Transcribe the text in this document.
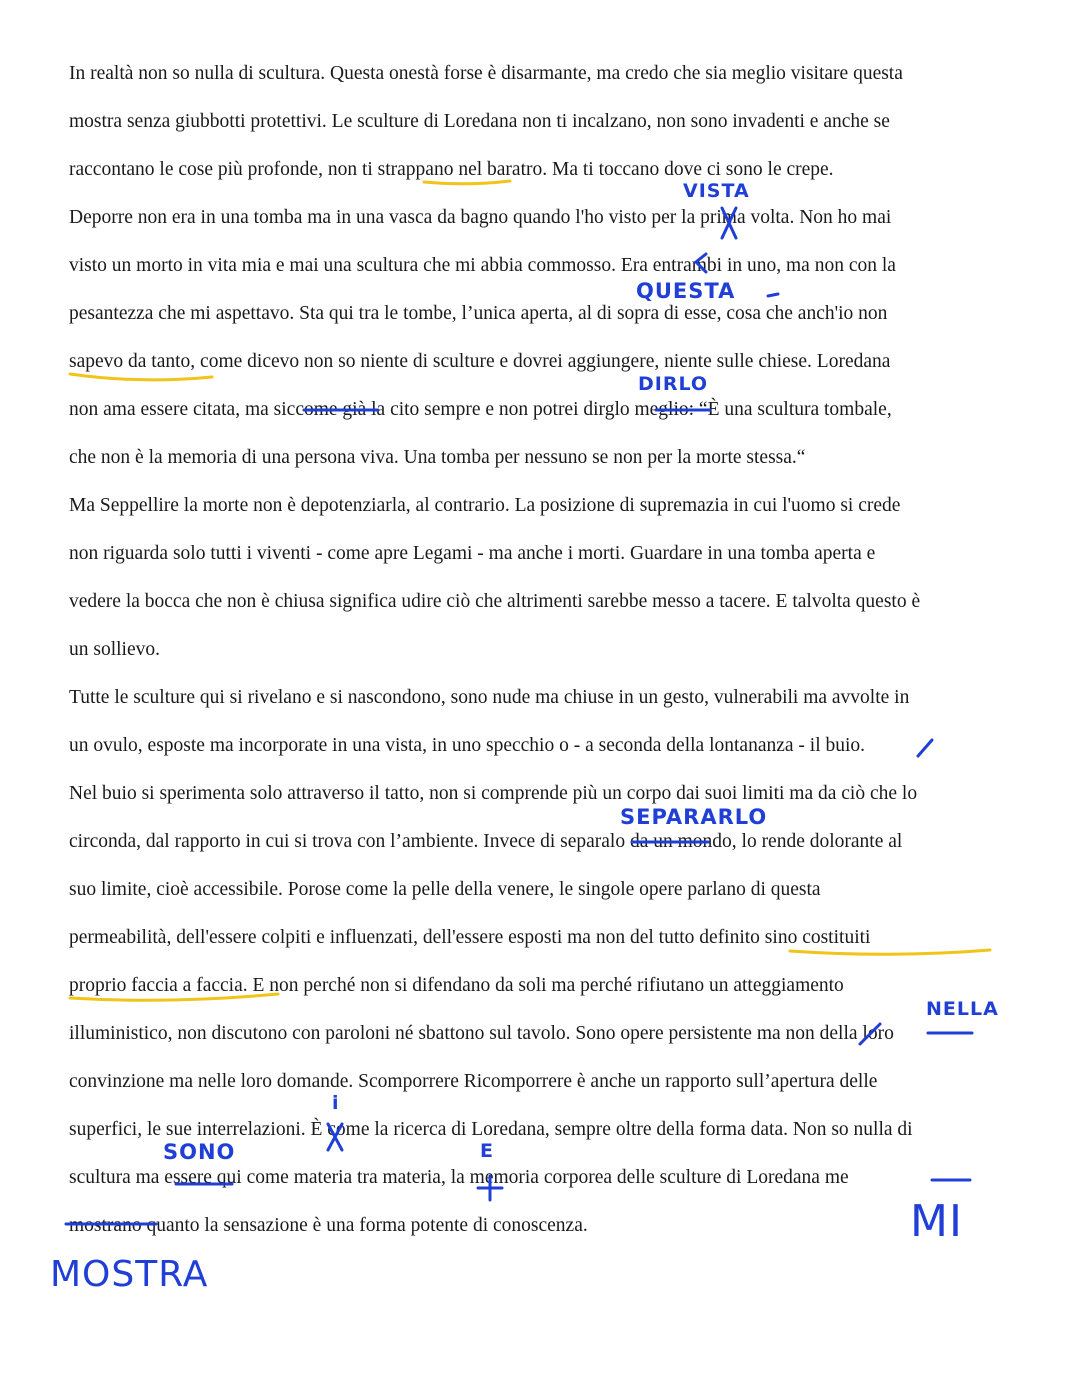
In realtà non so nulla di scultura. Questa onestà forse è disarmante, ma credo che sia meglio visitare questa
mostra senza giubbotti protettivi. Le sculture di Loredana non ti incalzano, non sono invadenti e anche se
raccontano le cose più profonde, non ti strappano nel baratro. Ma ti toccano dove ci sono le crepe.
Deporre non era in una tomba ma in una vasca da bagno quando l'ho visto per la prima volta. Non ho mai
visto un morto in vita mia e mai una scultura che mi abbia commosso. Era entrambi in uno, ma non con la
pesantezza che mi aspettavo. Sta qui tra le tombe, l’unica aperta, al di sopra di esse, cosa che anch'io non
sapevo da tanto, come dicevo non so niente di sculture e dovrei aggiungere, niente sulle chiese. Loredana
non ama essere citata, ma siccome già la cito sempre e non potrei dirglo meglio: “È una scultura tombale,
che non è la memoria di una persona viva. Una tomba per nessuno se non per la morte stessa.“
Ma Seppellire la morte non è depotenziarla, al contrario. La posizione di supremazia in cui l'uomo si crede
non riguarda solo tutti i viventi - come apre Legami - ma anche i morti. Guardare in una tomba aperta e
vedere la bocca che non è chiusa significa udire ciò che altrimenti sarebbe messo a tacere. E talvolta questo è
un sollievo.
Tutte le sculture qui si rivelano e si nascondono, sono nude ma chiuse in un gesto, vulnerabili ma avvolte in
un ovulo, esposte ma incorporate in una vista, in uno specchio o - a seconda della lontananza - il buio.
Nel buio si sperimenta solo attraverso il tatto, non si comprende più un corpo dai suoi limiti ma da ciò che lo
circonda, dal rapporto in cui si trova con l’ambiente. Invece di separalo da un mondo, lo rende dolorante al
suo limite, cioè accessibile. Porose come la pelle della venere, le singole opere parlano di questa
permeabilità, dell'essere colpiti e influenzati, dell'essere esposti ma non del tutto definito sino costituiti
proprio faccia a faccia. E non perché non si difendano da soli ma perché rifiutano un atteggiamento
illuministico, non discutono con paroloni né sbattono sul tavolo. Sono opere persistente ma non della loro
convinzione ma nelle loro domande. Scomporrere Ricomporrere è anche un rapporto sull’apertura delle
superfici, le sue interrelazioni. È come la ricerca di Loredana, sempre oltre della forma data. Non so nulla di
scultura ma essere qui come materia tra materia, la memoria corporea delle sculture di Loredana me
mostrano quanto la sensazione è una forma potente di conoscenza.
VISTA
QUESTA
DIRLO
SEPARARLO
NELLA
i
SONO	E
MI
MOSTRA
